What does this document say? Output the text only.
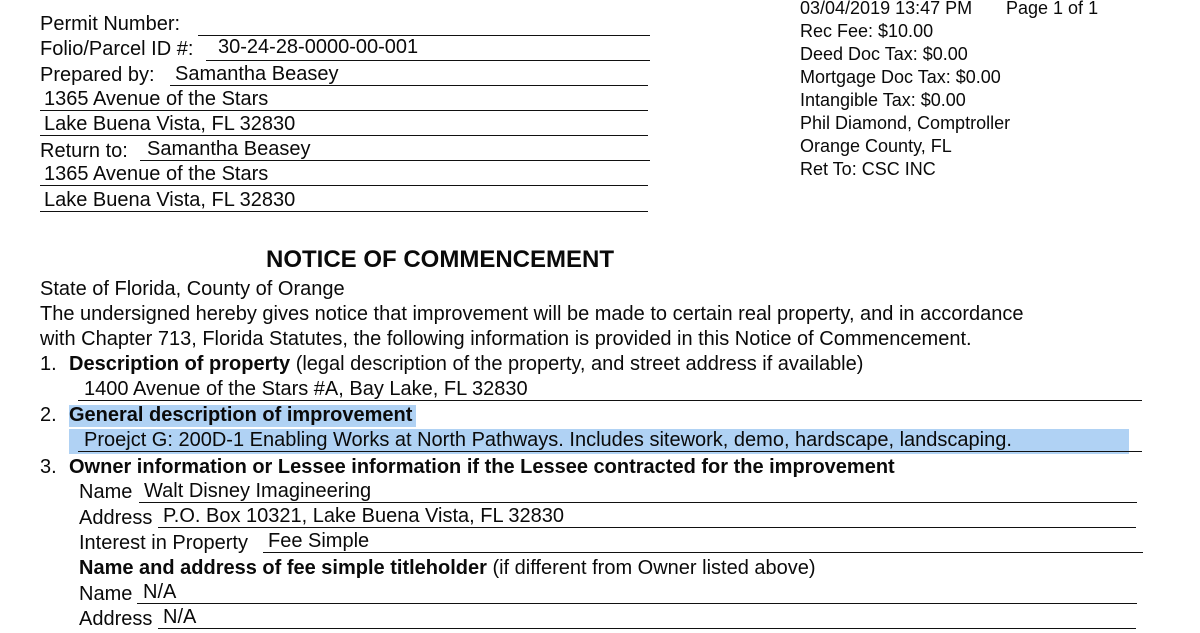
Permit Number:
Folio/Parcel ID #: 30-24-28-0000-00-001
Prepared by: Samantha Beasey
1365 Avenue of the Stars
Lake Buena Vista, FL 32830
Return to: Samantha Beasey
1365 Avenue of the Stars
Lake Buena Vista, FL 32830
03/04/2019 13:47 PM Page 1 of 1
Rec Fee: $10.00
Deed Doc Tax: $0.00
Mortgage Doc Tax: $0.00
Intangible Tax: $0.00
Phil Diamond, Comptroller
Orange County, FL
Ret To: CSC INC
NOTICE OF COMMENCEMENT
State of Florida, County of Orange
The undersigned hereby gives notice that improvement will be made to certain real property, and in accordance
with Chapter 713, Florida Statutes, the following information is provided in this Notice of Commencement.
1. Description of property (legal description of the property, and street address if available)
1400 Avenue of the Stars #A, Bay Lake, FL 32830
2. General description of improvement
Proejct G: 200D-1 Enabling Works at North Pathways. Includes sitework, demo, hardscape, landscaping.
3. Owner information or Lessee information if the Lessee contracted for the improvement
Name Walt Disney Imagineering
Address P.O. Box 10321, Lake Buena Vista, FL 32830
Interest in Property Fee Simple
Name and address of fee simple titleholder (if different from Owner listed above)
Name N/A
Address N/A
